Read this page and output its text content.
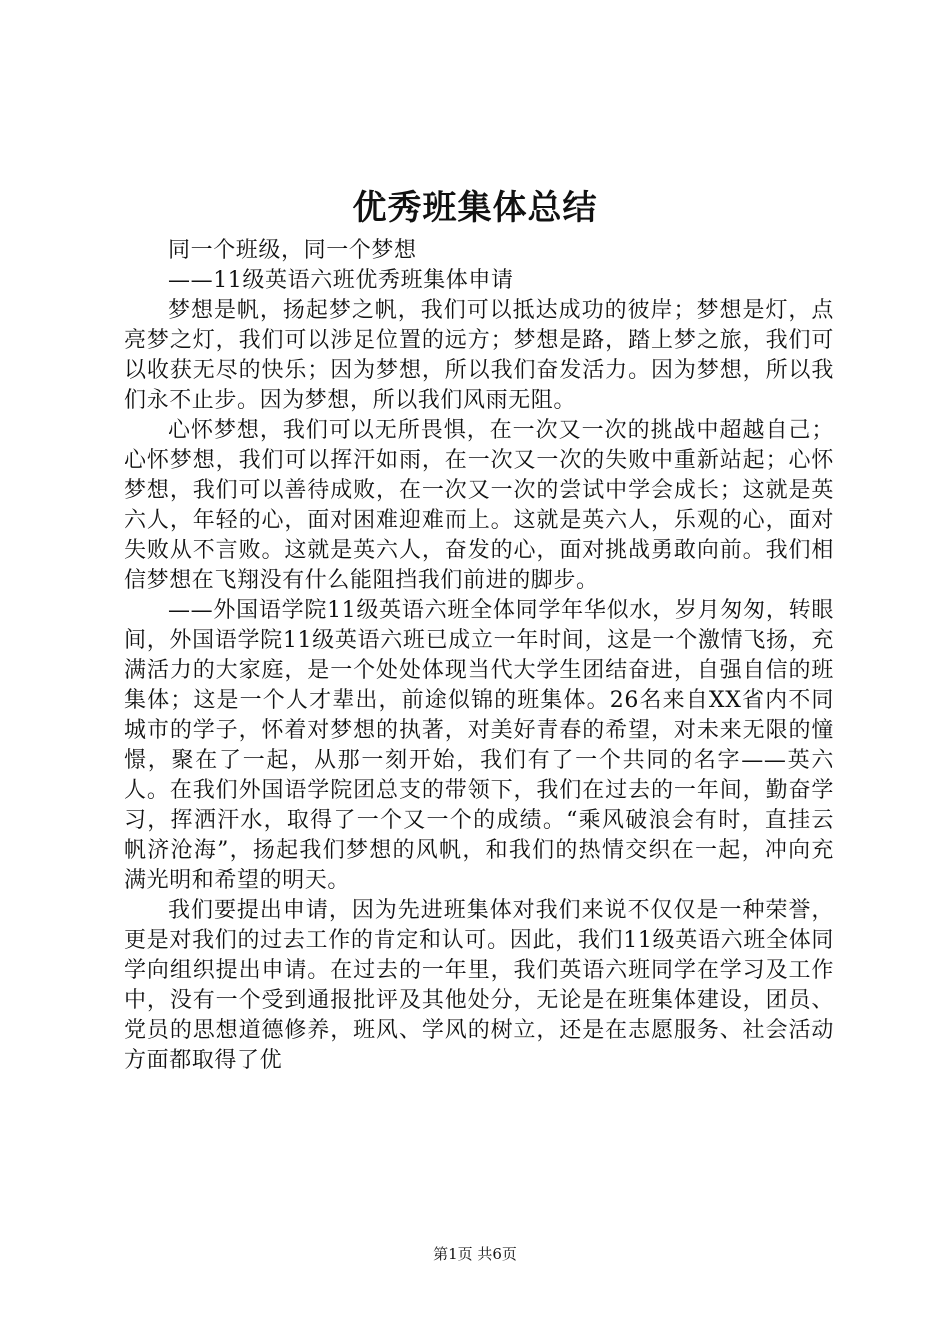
优秀班集体总结

同一个班级，同一个梦想

——11级英语六班优秀班集体申请

梦想是帆，扬起梦之帆，我们可以抵达成功的彼岸；梦想是灯，点亮梦之灯，我们可以涉足位置的远方；梦想是路，踏上梦之旅，我们可以收获无尽的快乐；因为梦想，所以我们奋发活力。因为梦想，所以我们永不止步。因为梦想，所以我们风雨无阻。

心怀梦想，我们可以无所畏惧，在一次又一次的挑战中超越自己；心怀梦想，我们可以挥汗如雨，在一次又一次的失败中重新站起；心怀梦想，我们可以善待成败，在一次又一次的尝试中学会成长；这就是英六人，年轻的心，面对困难迎难而上。这就是英六人，乐观的心，面对失败从不言败。这就是英六人，奋发的心，面对挑战勇敢向前。我们相信梦想在飞翔没有什么能阻挡我们前进的脚步。

——外国语学院11级英语六班全体同学年华似水，岁月匆匆，转眼间，外国语学院11级英语六班已成立一年时间，这是一个激情飞扬，充满活力的大家庭，是一个处处体现当代大学生团结奋进，自强自信的班集体；这是一个人才辈出，前途似锦的班集体。26名来自XX省内不同城市的学子，怀着对梦想的执著，对美好青春的希望，对未来无限的憧憬，聚在了一起，从那一刻开始，我们有了一个共同的名字——英六人。在我们外国语学院团总支的带领下，我们在过去的一年间，勤奋学习，挥洒汗水，取得了一个又一个的成绩。“乘风破浪会有时，直挂云帆济沧海”，扬起我们梦想的风帆，和我们的热情交织在一起，冲向充满光明和希望的明天。

我们要提出申请，因为先进班集体对我们来说不仅仅是一种荣誉，更是对我们的过去工作的肯定和认可。因此，我们11级英语六班全体同学向组织提出申请。在过去的一年里，我们英语六班同学在学习及工作中，没有一个受到通报批评及其他处分，无论是在班集体建设，团员、党员的思想道德修养，班风、学风的树立，还是在志愿服务、社会活动方面都取得了优

第1页 共6页
